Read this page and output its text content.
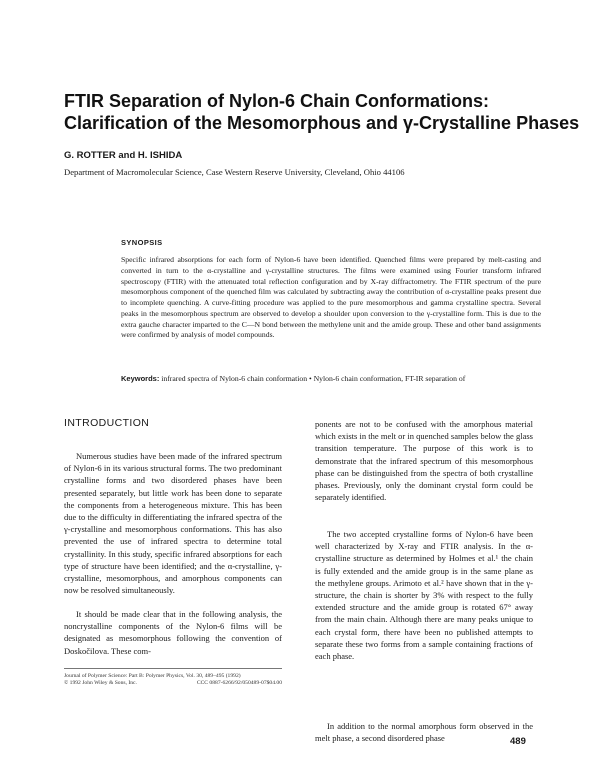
FTIR Separation of Nylon-6 Chain Conformations:
Clarification of the Mesomorphous and γ-Crystalline Phases
G. ROTTER and H. ISHIDA
Department of Macromolecular Science, Case Western Reserve University, Cleveland, Ohio 44106
SYNOPSIS

Specific infrared absorptions for each form of Nylon-6 have been identified. Quenched films were prepared by melt-casting and converted in turn to the α-crystalline and γ-crystalline structures. The films were examined using Fourier transform infrared spectroscopy (FTIR) with the attenuated total reflection configuration and by X-ray diffractometry. The FTIR spectrum of the pure mesomorphous component of the quenched film was calculated by subtracting away the contribution of α-crystalline peaks present due to incomplete quenching. A curve-fitting procedure was applied to the pure mesomorphous and gamma crystalline spectra. Several peaks in the mesomorphous spectrum are observed to develop a shoulder upon conversion to the γ-crystalline form. This is due to the extra gauche character imparted to the C—N bond between the methylene unit and the amide group. These and other band assignments were confirmed by analysis of model compounds.

Keywords: infrared spectra of Nylon-6 chain conformation • Nylon-6 chain conformation, FT-IR separation of

INTRODUCTION

Numerous studies have been made of the infrared spectrum of Nylon-6 in its various structural forms. The two predominant crystalline forms and two disordered phases have been presented separately, but little work has been done to separate the components from a heterogeneous mixture. This has been due to the difficulty in differentiating the infrared spectra of the γ-crystalline and mesomorphous conformations. This has also prevented the use of infrared spectra to determine total crystallinity. In this study, specific infrared absorptions for each type of structure have been identified; and the α-crystalline, γ-crystalline, mesomorphous, and amorphous components can now be resolved simultaneously.

It should be made clear that in the following analysis, the noncrystalline components of the Nylon-6 films will be designated as mesomorphous following the convention of Doskočilova. These com-

Journal of Polymer Science: Part B: Polymer Physics, Vol. 30, 489–495 (1992)
© 1992 John Wiley & Sons, Inc.	CCC 0887-6266/92/050489-07$04.00

ponents are not to be confused with the amorphous material which exists in the melt or in quenched samples below the glass transition temperature. The purpose of this work is to demonstrate that the infrared spectrum of this mesomorphous phase can be distinguished from the spectra of both crystalline phases. Previously, only the dominant crystal form could be separately identified.

The two accepted crystalline forms of Nylon-6 have been well characterized by X-ray and FTIR analysis. In the α-crystalline structure as determined by Holmes et al.¹ the chain is fully extended and the amide group is in the same plane as the methylene groups. Arimoto et al.² have shown that in the γ-structure, the chain is shorter by 3% with respect to the fully extended structure and the amide group is rotated 67° away from the main chain. Although there are many peaks unique to each crystal form, there have been no published attempts to separate these two forms from a sample containing fractions of each phase.

In addition to the normal amorphous form observed in the melt phase, a second disordered phase	489
